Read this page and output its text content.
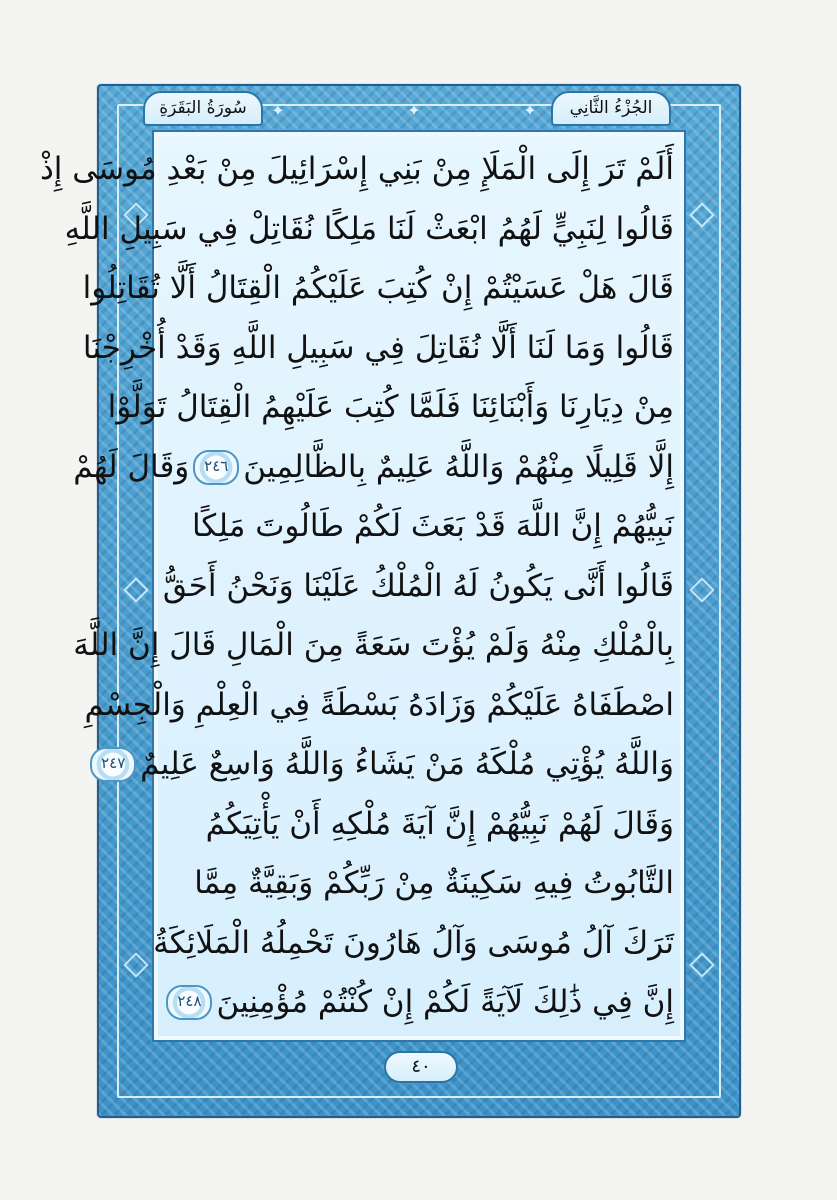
سُورَةُ البَقَرَةِ	✦	✦	✦	الجُزْءُ الثَّانِي
أَلَمْ تَرَ إِلَى الْمَلَإِ مِنْ بَنِي إِسْرَائِيلَ مِنْ بَعْدِ مُوسَى إِذْ
قَالُوا لِنَبِيٍّ لَهُمُ ابْعَثْ لَنَا مَلِكًا نُقَاتِلْ فِي سَبِيلِ اللَّهِ
قَالَ هَلْ عَسَيْتُمْ إِنْ كُتِبَ عَلَيْكُمُ الْقِتَالُ أَلَّا تُقَاتِلُوا
قَالُوا وَمَا لَنَا أَلَّا نُقَاتِلَ فِي سَبِيلِ اللَّهِ وَقَدْ أُخْرِجْنَا
مِنْ دِيَارِنَا وَأَبْنَائِنَا فَلَمَّا كُتِبَ عَلَيْهِمُ الْقِتَالُ تَوَلَّوْا
إِلَّا قَلِيلًا مِنْهُمْ وَاللَّهُ عَلِيمٌ بِالظَّالِمِينَ
٢٤٦
وَقَالَ لَهُمْ
نَبِيُّهُمْ إِنَّ اللَّهَ قَدْ بَعَثَ لَكُمْ طَالُوتَ مَلِكًا
قَالُوا أَنَّى يَكُونُ لَهُ الْمُلْكُ عَلَيْنَا وَنَحْنُ أَحَقُّ
بِالْمُلْكِ مِنْهُ وَلَمْ يُؤْتَ سَعَةً مِنَ الْمَالِ قَالَ إِنَّ اللَّهَ
اصْطَفَاهُ عَلَيْكُمْ وَزَادَهُ بَسْطَةً فِي الْعِلْمِ وَالْجِسْمِ
وَاللَّهُ يُؤْتِي مُلْكَهُ مَنْ يَشَاءُ وَاللَّهُ وَاسِعٌ عَلِيمٌ
٢٤٧
وَقَالَ لَهُمْ نَبِيُّهُمْ إِنَّ آيَةَ مُلْكِهِ أَنْ يَأْتِيَكُمُ
التَّابُوتُ فِيهِ سَكِينَةٌ مِنْ رَبِّكُمْ وَبَقِيَّةٌ مِمَّا
تَرَكَ آلُ مُوسَى وَآلُ هَارُونَ تَحْمِلُهُ الْمَلَائِكَةُ
إِنَّ فِي ذَٰلِكَ لَآيَةً لَكُمْ إِنْ كُنْتُمْ مُؤْمِنِينَ
٢٤٨
٤٠
